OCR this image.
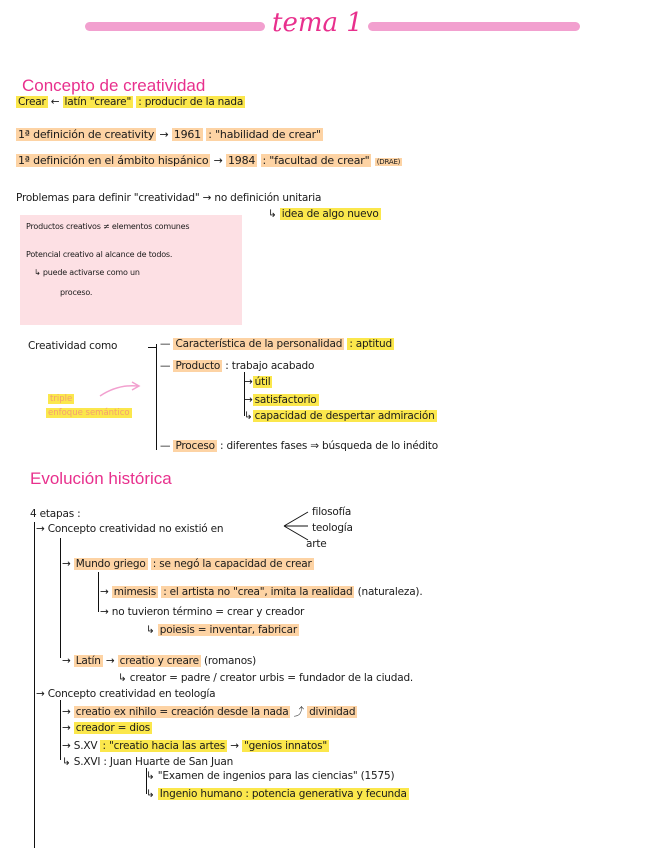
tema 1
Concepto de creatividad
Crear ← latín "creare" : producir de la nada
1ª definición de creativity → 1961 : "habilidad de crear"
1ª definición en el ámbito hispánico → 1984 : "facultad de crear" (DRAE)
Problemas para definir "creatividad" → no definición unitaria
↳ idea de algo nuevo
Productos creativos ≠ elementos comunes
Potencial creativo al alcance de todos.
↳ puede activarse como un
proceso.
Creatividad como	— Característica de la personalidad : aptitud
— Producto : trabajo acabado
→ útil
→ satisfactorio
↳ capacidad de despertar admiración
— Proceso : diferentes fases ⇒ búsqueda de lo inédito
triple
enfoque semántico
Evolución histórica
4 etapas :
→ Concepto creatividad no existió en
filosofía
teología
arte
→ Mundo griego : se negó la capacidad de crear
→ mimesis : el artista no "crea", imita la realidad (naturaleza).
→ no tuvieron término = crear y creador
↳ poiesis = inventar, fabricar
→ Latín → creatio y creare (romanos)
↳ creator = padre / creator urbis = fundador de la ciudad.
→ Concepto creatividad en teología
→ creatio ex nihilo = creación desde la nada ⤴ divinidad
→ creador = dios
→ S.XV : "creatio hacia las artes → "genios innatos"
↳ S.XVI : Juan Huarte de San Juan
↳ "Examen de ingenios para las ciencias" (1575)
↳ Ingenio humano : potencia generativa y fecunda
